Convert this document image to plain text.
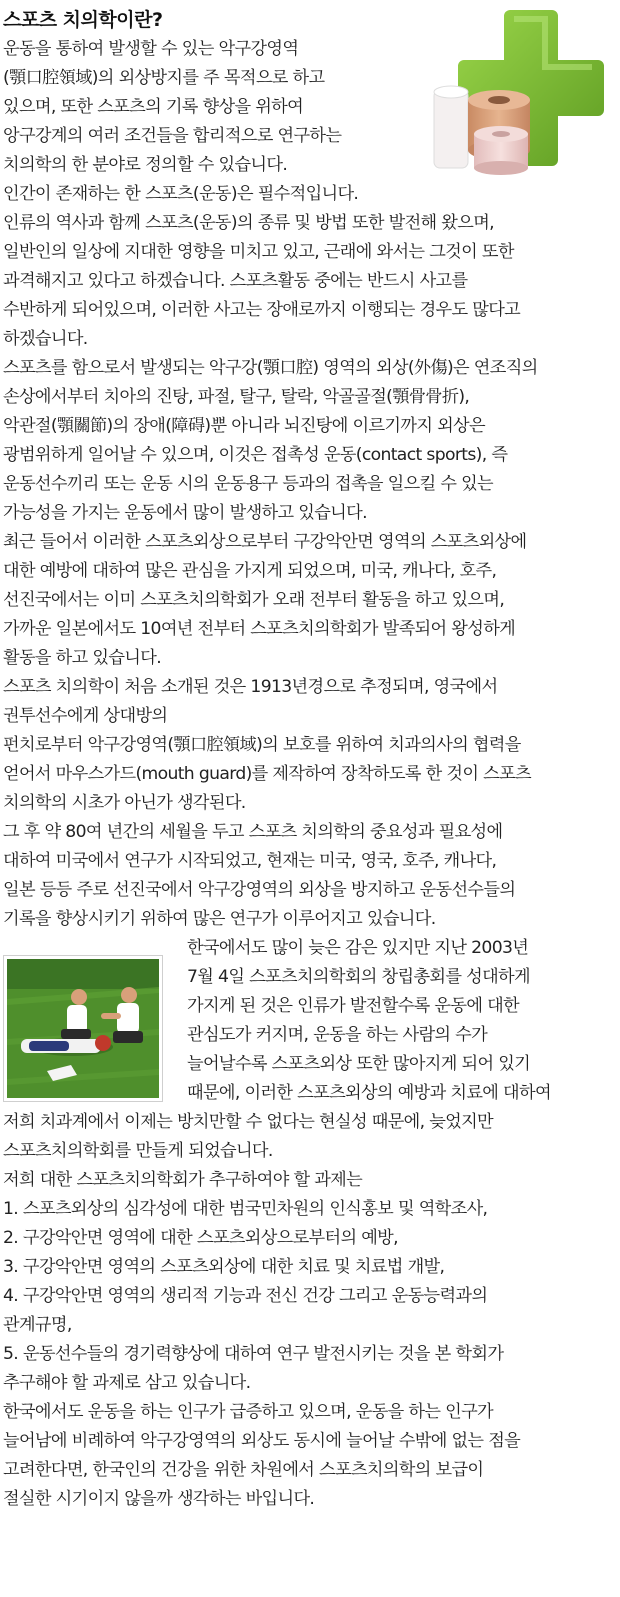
스포츠 치의학이란?
운동을 통하여 발생할 수 있는 악구강영역
(顎口腔領域)의 외상방지를 주 목적으로 하고
있으며, 또한 스포츠의 기록 향상을 위하여
앙구강계의 여러 조건들을 합리적으로 연구하는
치의학의 한 분야로 정의할 수 있습니다.
인간이 존재하는 한 스포츠(운동)은 필수적입니다.
인류의 역사과 함께 스포츠(운동)의 종류 및 방법 또한 발전해 왔으며,
일반인의 일상에 지대한 영향을 미치고 있고, 근래에 와서는 그것이 또한
과격해지고 있다고 하겠습니다. 스포츠활동 중에는 반드시 사고를
수반하게 되어있으며, 이러한 사고는 장애로까지 이행되는 경우도 많다고
하겠습니다.
스포츠를 함으로서 발생되는 악구강(顎口腔) 영역의 외상(外傷)은 연조직의
손상에서부터 치아의 진탕, 파절, 탈구, 탈락, 악골골절(顎骨骨折),
악관절(顎關節)의 장애(障碍)뿐 아니라 뇌진탕에 이르기까지 외상은
광범위하게 일어날 수 있으며, 이것은 접촉성 운동(contact sports), 즉
운동선수끼리 또는 운동 시의 운동용구 등과의 접촉을 일으킬 수 있는
가능성을 가지는 운동에서 많이 발생하고 있습니다.
최근 들어서 이러한 스포츠외상으로부터 구강악안면 영역의 스포츠외상에
대한 예방에 대하여 많은 관심을 가지게 되었으며, 미국, 캐나다, 호주,
선진국에서는 이미 스포츠치의학회가 오래 전부터 활동을 하고 있으며,
가까운 일본에서도 10여년 전부터 스포츠치의학회가 발족되어 왕성하게
활동을 하고 있습니다.
스포츠 치의학이 처음 소개된 것은 1913년경으로 추정되며, 영국에서
권투선수에게 상대방의
펀치로부터 악구강영역(顎口腔領域)의 보호를 위하여 치과의사의 협력을
얻어서 마우스가드(mouth guard)를 제작하여 장착하도록 한 것이 스포츠
치의학의 시초가 아닌가 생각된다.
그 후 약 80여 년간의 세월을 두고 스포츠 치의학의 중요성과 필요성에
대하여 미국에서 연구가 시작되었고, 현재는 미국, 영국, 호주, 캐나다,
일본 등등 주로 선진국에서 악구강영역의 외상을 방지하고 운동선수들의
기록을 향상시키기 위하여 많은 연구가 이루어지고 있습니다.
한국에서도 많이 늦은 감은 있지만 지난 2003년
7월 4일 스포츠치의학회의 창립총회를 성대하게
가지게 된 것은 인류가 발전할수록 운동에 대한
관심도가 커지며, 운동을 하는 사람의 수가
늘어날수록 스포츠외상 또한 많아지게 되어 있기
때문에, 이러한 스포츠외상의 예방과 치료에 대하여
저희 치과계에서 이제는 방치만할 수 없다는 현실성 때문에, 늦었지만
스포츠치의학회를 만들게 되었습니다.
저희 대한 스포츠치의학회가 추구하여야 할 과제는
1. 스포츠외상의 심각성에 대한 범국민차원의 인식홍보 및 역학조사,
2. 구강악안면 영역에 대한 스포츠외상으로부터의 예방,
3. 구강악안면 영역의 스포츠외상에 대한 치료 및 치료법 개발,
4. 구강악안면 영역의 생리적 기능과 전신 건강 그리고 운동능력과의
관계규명,
5. 운동선수들의 경기력향상에 대하여 연구 발전시키는 것을 본 학회가
추구해야 할 과제로 삼고 있습니다.
한국에서도 운동을 하는 인구가 급증하고 있으며, 운동을 하는 인구가
늘어남에 비례하여 악구강영역의 외상도 동시에 늘어날 수밖에 없는 점을
고려한다면, 한국인의 건강을 위한 차원에서 스포츠치의학의 보급이
절실한 시기이지 않을까 생각하는 바입니다.
